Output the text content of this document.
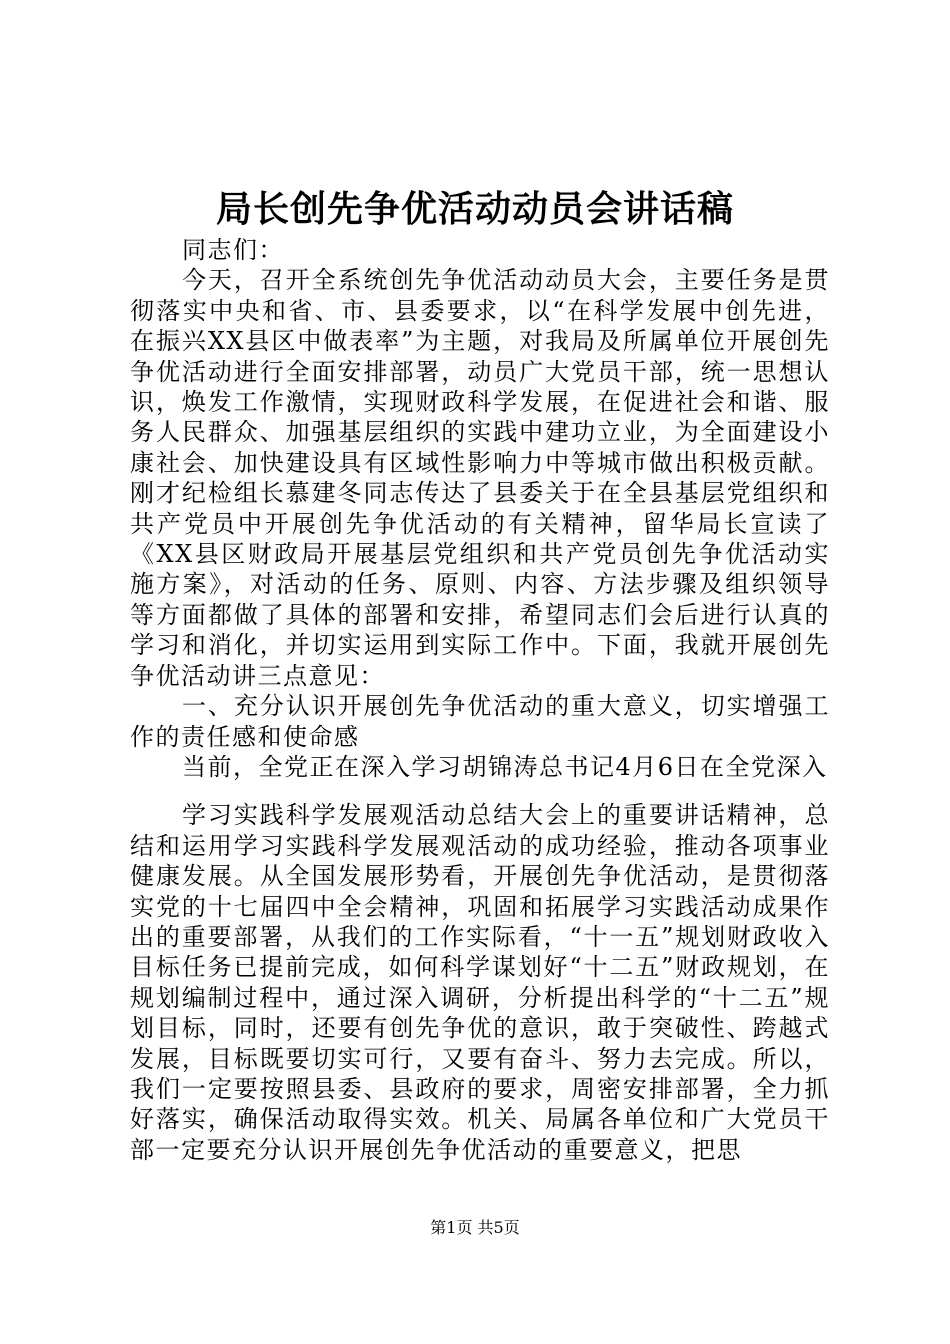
局长创先争优活动动员会讲话稿

同志们：

今天，召开全系统创先争优活动动员大会，主要任务是贯彻落实中央和省、市、县委要求，以“在科学发展中创先进，在振兴XX县区中做表率”为主题，对我局及所属单位开展创先争优活动进行全面安排部署，动员广大党员干部，统一思想认识，焕发工作激情，实现财政科学发展，在促进社会和谐、服务人民群众、加强基层组织的实践中建功立业，为全面建设小康社会、加快建设具有区域性影响力中等城市做出积极贡献。刚才纪检组长慕建冬同志传达了县委关于在全县基层党组织和共产党员中开展创先争优活动的有关精神，留华局长宣读了《XX县区财政局开展基层党组织和共产党员创先争优活动实施方案》，对活动的任务、原则、内容、方法步骤及组织领导等方面都做了具体的部署和安排，希望同志们会后进行认真的学习和消化，并切实运用到实际工作中。下面，我就开展创先争优活动讲三点意见：

一、充分认识开展创先争优活动的重大意义，切实增强工作的责任感和使命感

当前，全党正在深入学习胡锦涛总书记4月6日在全党深入

学习实践科学发展观活动总结大会上的重要讲话精神，总结和运用学习实践科学发展观活动的成功经验，推动各项事业健康发展。从全国发展形势看，开展创先争优活动，是贯彻落实党的十七届四中全会精神，巩固和拓展学习实践活动成果作出的重要部署，从我们的工作实际看，“十一五”规划财政收入目标任务已提前完成，如何科学谋划好“十二五”财政规划，在规划编制过程中，通过深入调研，分析提出科学的“十二五”规划目标，同时，还要有创先争优的意识，敢于突破性、跨越式发展，目标既要切实可行，又要有奋斗、努力去完成。所以，我们一定要按照县委、县政府的要求，周密安排部署，全力抓好落实，确保活动取得实效。机关、局属各单位和广大党员干部一定要充分认识开展创先争优活动的重要意义，把思

第1页 共5页
